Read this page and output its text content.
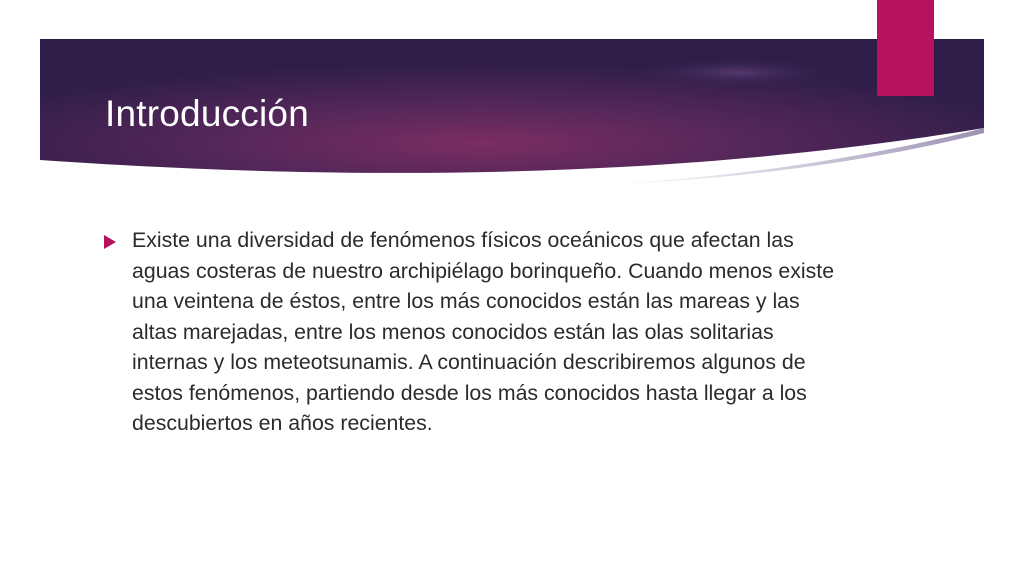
Introducción

Existe una diversidad de fenómenos físicos oceánicos que afectan las aguas costeras de nuestro archipiélago borinqueño. Cuando menos existe una veintena de éstos, entre los más conocidos están las mareas y las altas marejadas, entre los menos conocidos están las olas solitarias internas y los meteotsunamis. A continuación describiremos algunos de estos fenómenos, partiendo desde los más conocidos hasta llegar a los descubiertos en años recientes.
